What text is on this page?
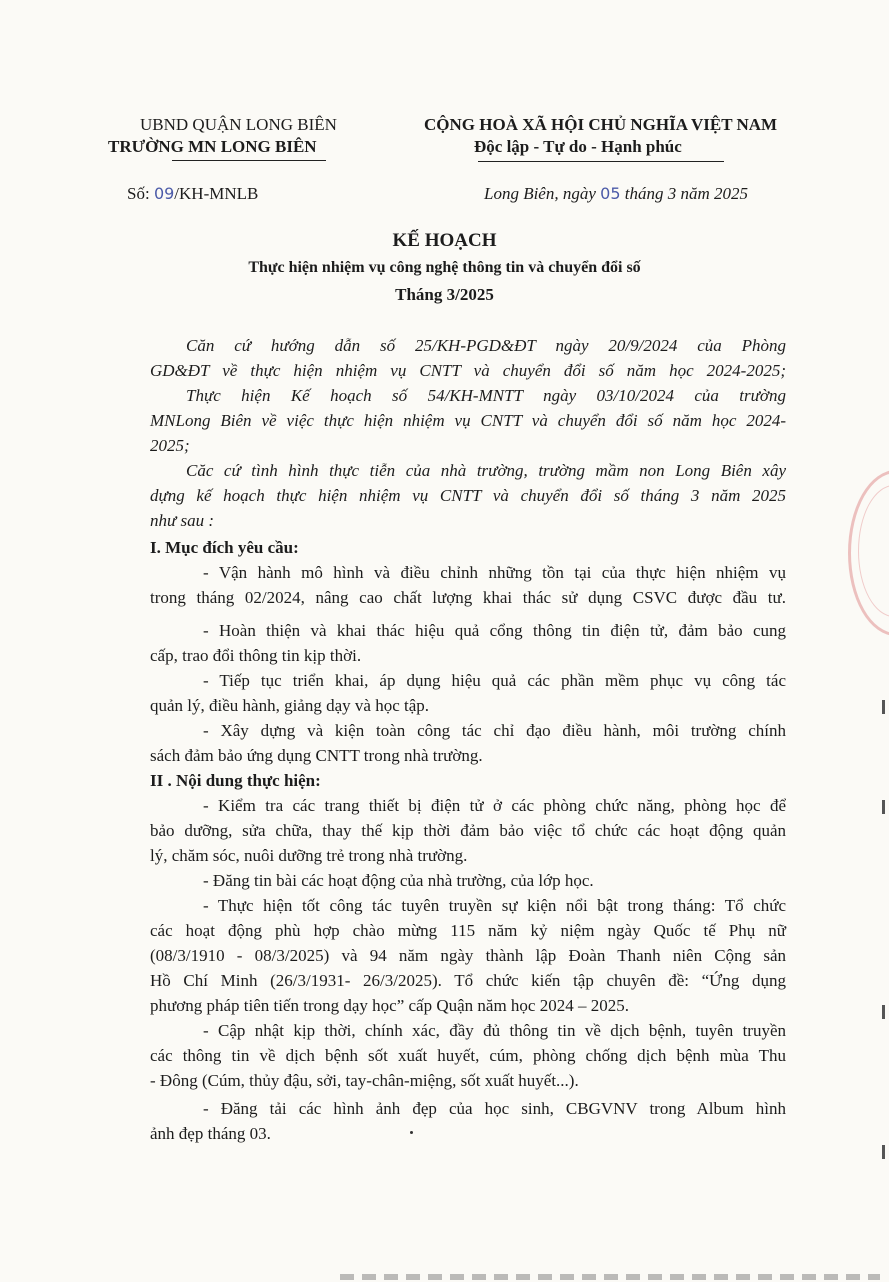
UBND QUẬN LONG BIÊN
TRƯỜNG MN LONG BIÊN
CỘNG HOÀ XÃ HỘI CHỦ NGHĨA VIỆT NAM
Độc lập - Tự do - Hạnh phúc
Số: 09/KH-MNLB	Long Biên, ngày 05 tháng 3 năm 2025
KẾ HOẠCH
Thực hiện nhiệm vụ công nghệ thông tin và chuyển đổi số
Tháng 3/2025
Căn cứ hướng dẫn số 25/KH-PGD&ĐT ngày 20/9/2024 của Phòng
GD&ĐT về thực hiện nhiệm vụ CNTT và chuyển đổi số năm học 2024-2025;
Thực hiện Kế hoạch số 54/KH-MNTT ngày 03/10/2024 của trường
MNLong Biên về việc thực hiện nhiệm vụ CNTT và chuyển đổi số năm học 2024-
2025;
Căc cứ tình hình thực tiễn của nhà trường, trường mầm non Long Biên xây
dựng kế hoạch thực hiện nhiệm vụ CNTT và chuyển đổi số tháng 3 năm 2025
như sau :
I. Mục đích yêu cầu:
- Vận hành mô hình và điều chỉnh những tồn tại của thực hiện nhiệm vụ
trong tháng 02/2024, nâng cao chất lượng khai thác sử dụng CSVC được đầu tư.
- Hoàn thiện và khai thác hiệu quả cổng thông tin điện tử, đảm bảo cung
cấp, trao đổi thông tin kịp thời.
- Tiếp tục triển khai, áp dụng hiệu quả các phần mềm phục vụ công tác
quản lý, điều hành, giảng dạy và học tập.
- Xây dựng và kiện toàn công tác chỉ đạo điều hành, môi trường chính
sách đảm bảo ứng dụng CNTT trong nhà trường.
II . Nội dung thực hiện:
- Kiểm tra các trang thiết bị điện tử ở các phòng chức năng, phòng học để
bảo dưỡng, sửa chữa, thay thế kịp thời đảm bảo việc tổ chức các hoạt động quản
lý, chăm sóc, nuôi dưỡng trẻ trong nhà trường.
- Đăng tin bài các hoạt động của nhà trường, của lớp học.
- Thực hiện tốt công tác tuyên truyền sự kiện nổi bật trong tháng: Tổ chức
các hoạt động phù hợp chào mừng 115 năm kỷ niệm ngày Quốc tế Phụ nữ
(08/3/1910 - 08/3/2025) và 94 năm ngày thành lập Đoàn Thanh niên Cộng sản
Hồ Chí Minh (26/3/1931- 26/3/2025). Tổ chức kiến tập chuyên đề: “Ứng dụng
phương pháp tiên tiến trong dạy học” cấp Quận năm học 2024 – 2025.
- Cập nhật kịp thời, chính xác, đầy đủ thông tin về dịch bệnh, tuyên truyền
các thông tin về dịch bệnh sốt xuất huyết, cúm, phòng chống dịch bệnh mùa Thu
- Đông (Cúm, thủy đậu, sởi, tay-chân-miệng, sốt xuất huyết...).
- Đăng tải các hình ảnh đẹp của học sinh, CBGVNV trong Album hình
ảnh đẹp tháng 03.
